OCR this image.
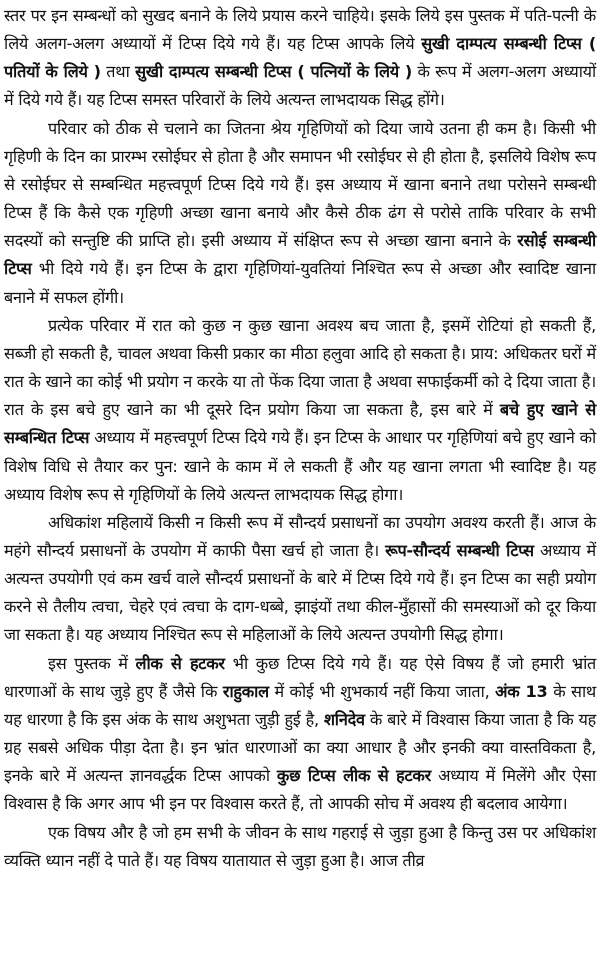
स्तर पर इन सम्बन्धों को सुखद बनाने के लिये प्रयास करने चाहिये। इसके लिये इस पुस्तक में पति-पत्नी के लिये अलग-अलग अध्यायों में टिप्स दिये गये हैं। यह टिप्स आपके लिये सुखी दाम्पत्य सम्बन्धी टिप्स ( पतियों के लिये ) तथा सुखी दाम्पत्य सम्बन्धी टिप्स ( पत्नियों के लिये ) के रूप में अलग-अलग अध्यायों में दिये गये हैं। यह टिप्स समस्त परिवारों के लिये अत्यन्त लाभदायक सिद्ध होंगे।

परिवार को ठीक से चलाने का जितना श्रेय गृहिणियों को दिया जाये उतना ही कम है। किसी भी गृहिणी के दिन का प्रारम्भ रसोईघर से होता है और समापन भी रसोईघर से ही होता है, इसलिये विशेष रूप से रसोईघर से सम्बन्धित महत्त्वपूर्ण टिप्स दिये गये हैं। इस अध्याय में खाना बनाने तथा परोसने सम्बन्धी टिप्स हैं कि कैसे एक गृहिणी अच्छा खाना बनाये और कैसे ठीक ढंग से परोसे ताकि परिवार के सभी सदस्यों को सन्तुष्टि की प्राप्ति हो। इसी अध्याय में संक्षिप्त रूप से अच्छा खाना बनाने के रसोई सम्बन्धी टिप्स भी दिये गये हैं। इन टिप्स के द्वारा गृहिणियां-युवतियां निश्चित रूप से अच्छा और स्वादिष्ट खाना बनाने में सफल होंगी।

प्रत्येक परिवार में रात को कुछ न कुछ खाना अवश्य बच जाता है, इसमें रोटियां हो सकती हैं, सब्जी हो सकती है, चावल अथवा किसी प्रकार का मीठा हलुवा आदि हो सकता है। प्राय: अधिकतर घरों में रात के खाने का कोई भी प्रयोग न करके या तो फेंक दिया जाता है अथवा सफाईकर्मी को दे दिया जाता है। रात के इस बचे हुए खाने का भी दूसरे दिन प्रयोग किया जा सकता है, इस बारे में बचे हुए खाने से सम्बन्धित टिप्स अध्याय में महत्त्वपूर्ण टिप्स दिये गये हैं। इन टिप्स के आधार पर गृहिणियां बचे हुए खाने को विशेष विधि से तैयार कर पुन: खाने के काम में ले सकती हैं और यह खाना लगता भी स्वादिष्ट है। यह अध्याय विशेष रूप से गृहिणियों के लिये अत्यन्त लाभदायक सिद्ध होगा।

अधिकांश महिलायें किसी न किसी रूप में सौन्दर्य प्रसाधनों का उपयोग अवश्य करती हैं। आज के महंगे सौन्दर्य प्रसाधनों के उपयोग में काफी पैसा खर्च हो जाता है। रूप-सौन्दर्य सम्बन्धी टिप्स अध्याय में अत्यन्त उपयोगी एवं कम खर्च वाले सौन्दर्य प्रसाधनों के बारे में टिप्स दिये गये हैं। इन टिप्स का सही प्रयोग करने से तैलीय त्वचा, चेहरे एवं त्वचा के दाग-धब्बे, झाइंयों तथा कील-मुँहासों की समस्याओं को दूर किया जा सकता है। यह अध्याय निश्चित रूप से महिलाओं के लिये अत्यन्त उपयोगी सिद्ध होगा।

इस पुस्तक में लीक से हटकर भी कुछ टिप्स दिये गये हैं। यह ऐसे विषय हैं जो हमारी भ्रांत धारणाओं के साथ जुड़े हुए हैं जैसे कि राहुकाल में कोई भी शुभकार्य नहीं किया जाता, अंक 13 के साथ यह धारणा है कि इस अंक के साथ अशुभता जुड़ी हुई है, शनिदेव के बारे में विश्वास किया जाता है कि यह ग्रह सबसे अधिक पीड़ा देता है। इन भ्रांत धारणाओं का क्या आधार है और इनकी क्या वास्तविकता है, इनके बारे में अत्यन्त ज्ञानवर्द्धक टिप्स आपको कुछ टिप्स लीक से हटकर अध्याय में मिलेंगे और ऐसा विश्वास है कि अगर आप भी इन पर विश्वास करते हैं, तो आपकी सोच में अवश्य ही बदलाव आयेगा।

एक विषय और है जो हम सभी के जीवन के साथ गहराई से जुड़ा हुआ है किन्तु उस पर अधिकांश व्यक्ति ध्यान नहीं दे पाते हैं। यह विषय यातायात से जुड़ा हुआ है। आज तीव्र
